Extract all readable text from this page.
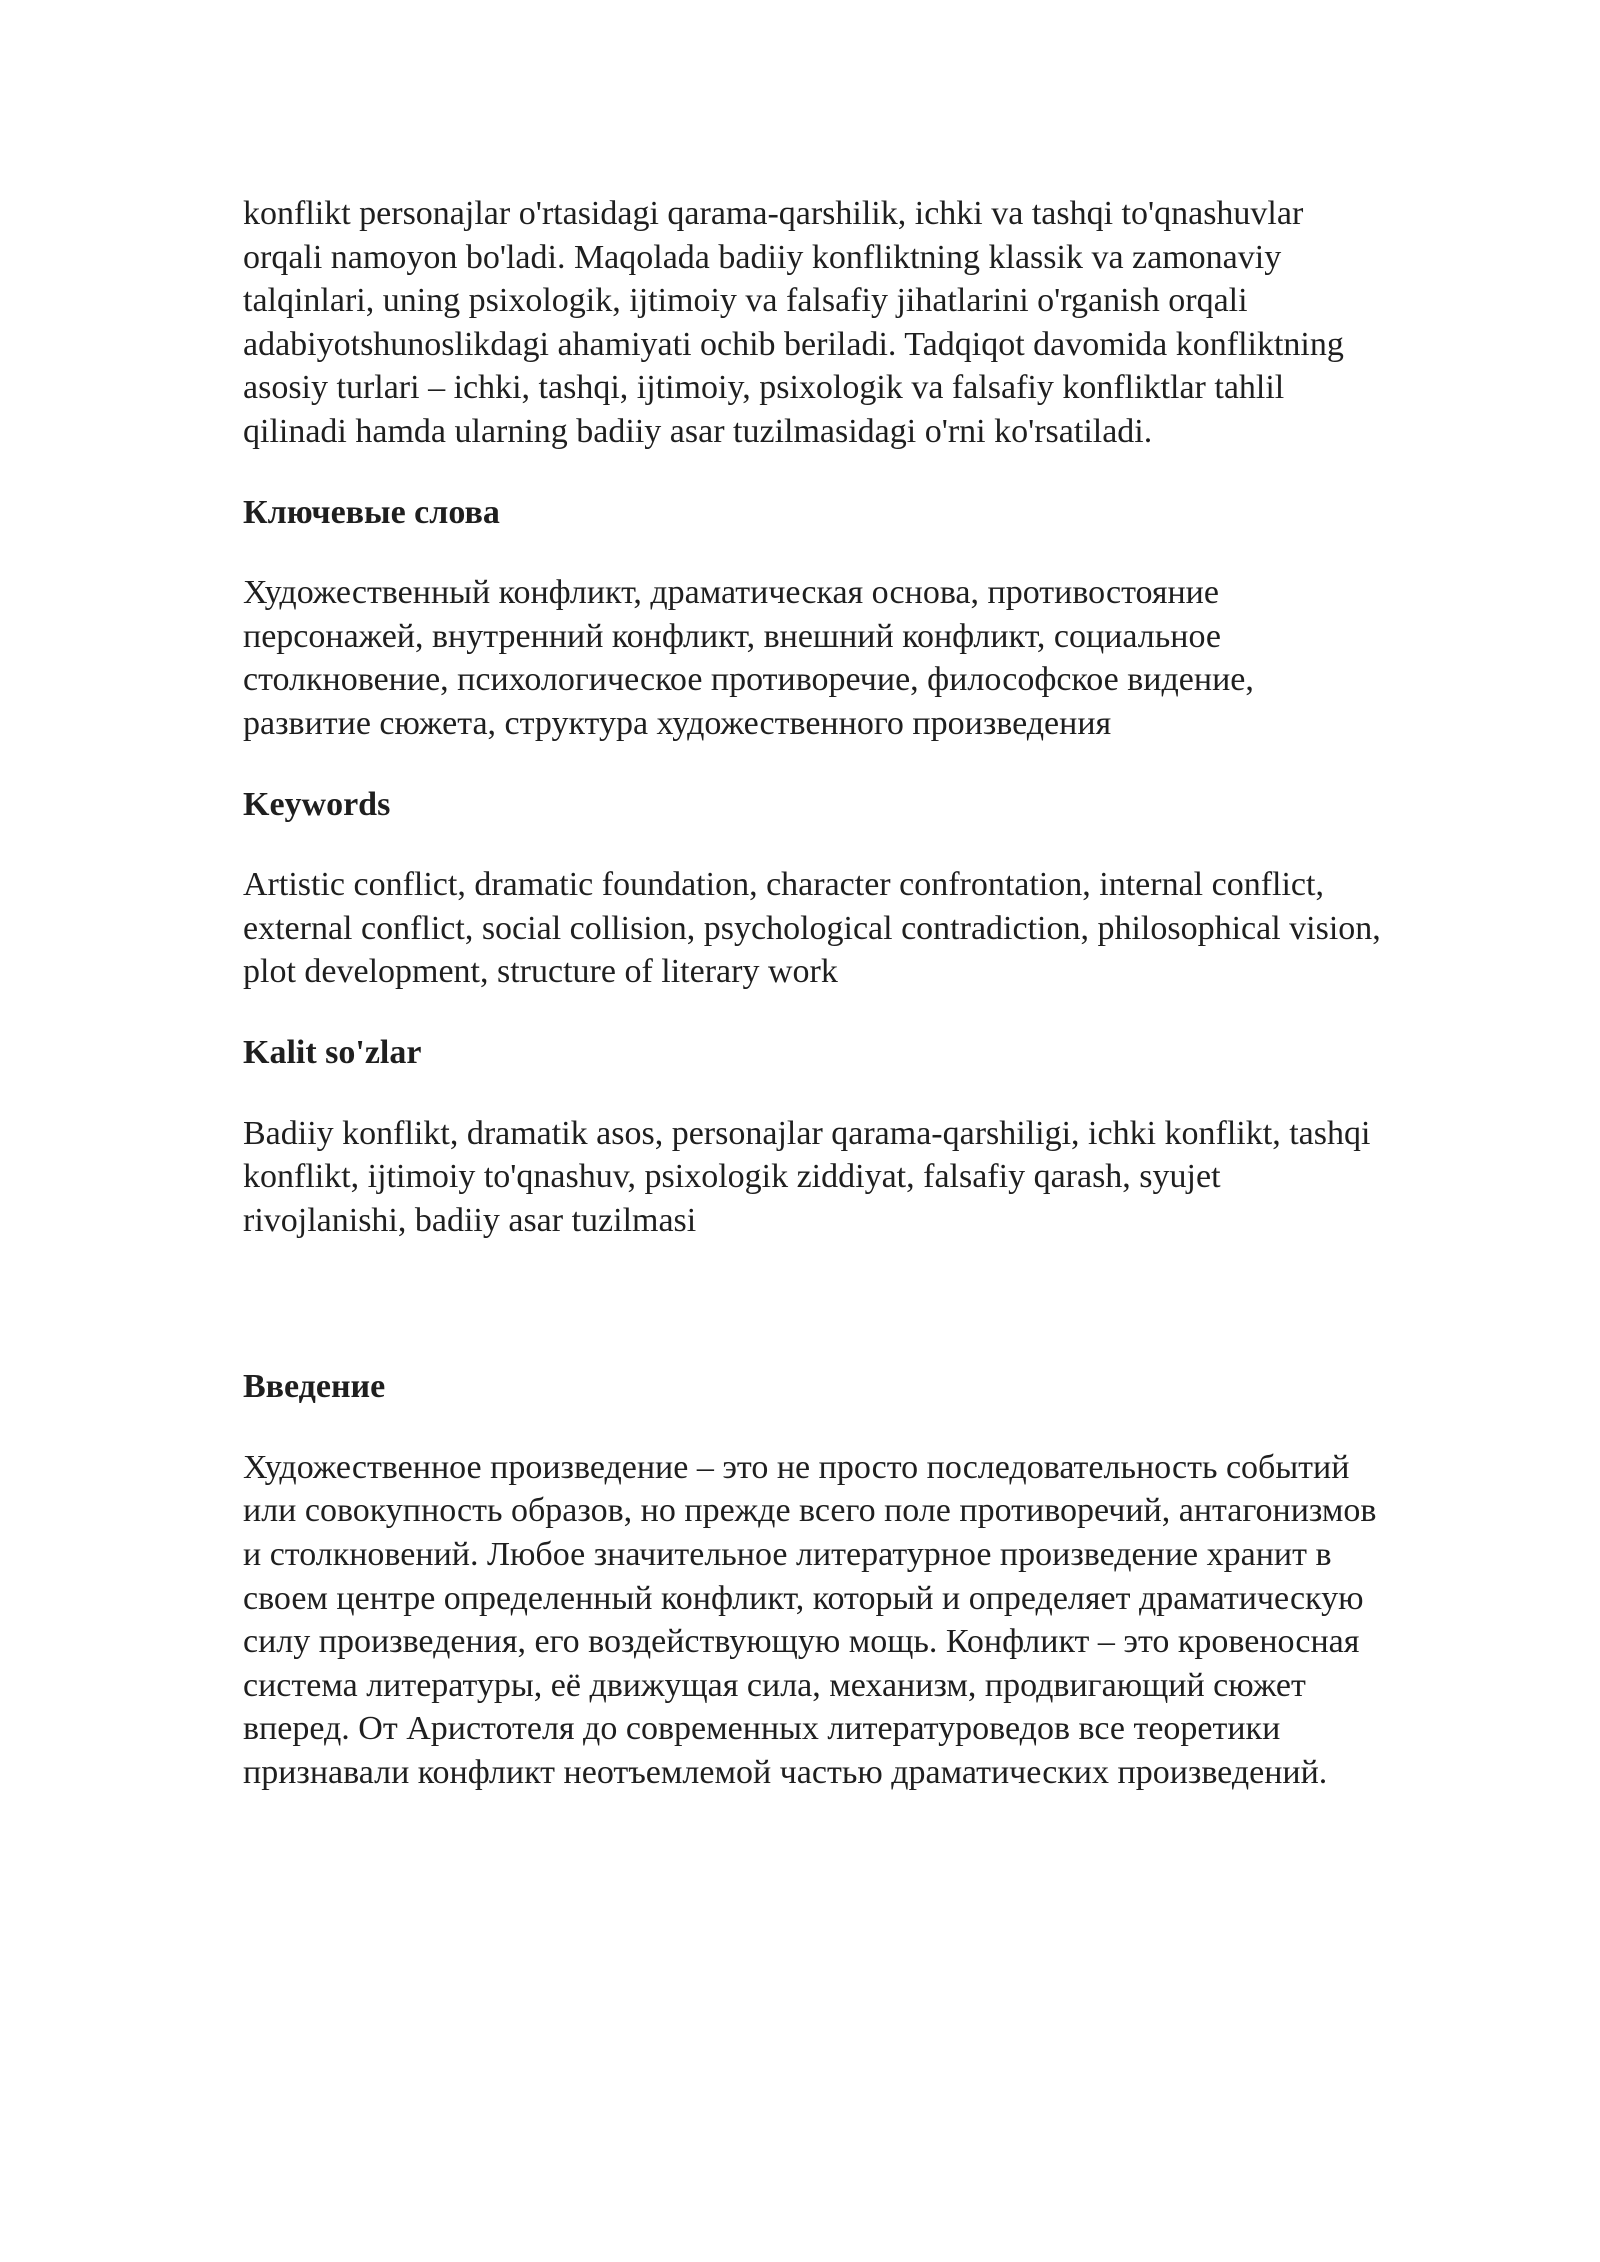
konflikt personajlar o'rtasidagi qarama-qarshilik, ichki va tashqi to'qnashuvlar orqali namoyon bo'ladi. Maqolada badiiy konfliktning klassik va zamonaviy talqinlari, uning psixologik, ijtimoiy va falsafiy jihatlarini o'rganish orqali adabiyotshunoslikdagi ahamiyati ochib beriladi. Tadqiqot davomida konfliktning asosiy turlari – ichki, tashqi, ijtimoiy, psixologik va falsafiy konfliktlar tahlil qilinadi hamda ularning badiiy asar tuzilmasidagi o'rni ko'rsatiladi.

Ключевые слова

Художественный конфликт, драматическая основа, противостояние персонажей, внутренний конфликт, внешний конфликт, социальное столкновение, психологическое противоречие, философское видение, развитие сюжета, структура художественного произведения

Keywords

Artistic conflict, dramatic foundation, character confrontation, internal conflict, external conflict, social collision, psychological contradiction, philosophical vision, plot development, structure of literary work

Kalit so'zlar

Badiiy konflikt, dramatik asos, personajlar qarama-qarshiligi, ichki konflikt, tashqi konflikt, ijtimoiy to'qnashuv, psixologik ziddiyat, falsafiy qarash, syujet rivojlanishi, badiiy asar tuzilmasi

Введение

Художественное произведение – это не просто последовательность событий или совокупность образов, но прежде всего поле противоречий, антагонизмов и столкновений. Любое значительное литературное произведение хранит в своем центре определенный конфликт, который и определяет драматическую силу произведения, его воздействующую мощь. Конфликт – это кровеносная система литературы, её движущая сила, механизм, продвигающий сюжет вперед. От Аристотеля до современных литературоведов все теоретики признавали конфликт неотъемлемой частью драматических произведений.
